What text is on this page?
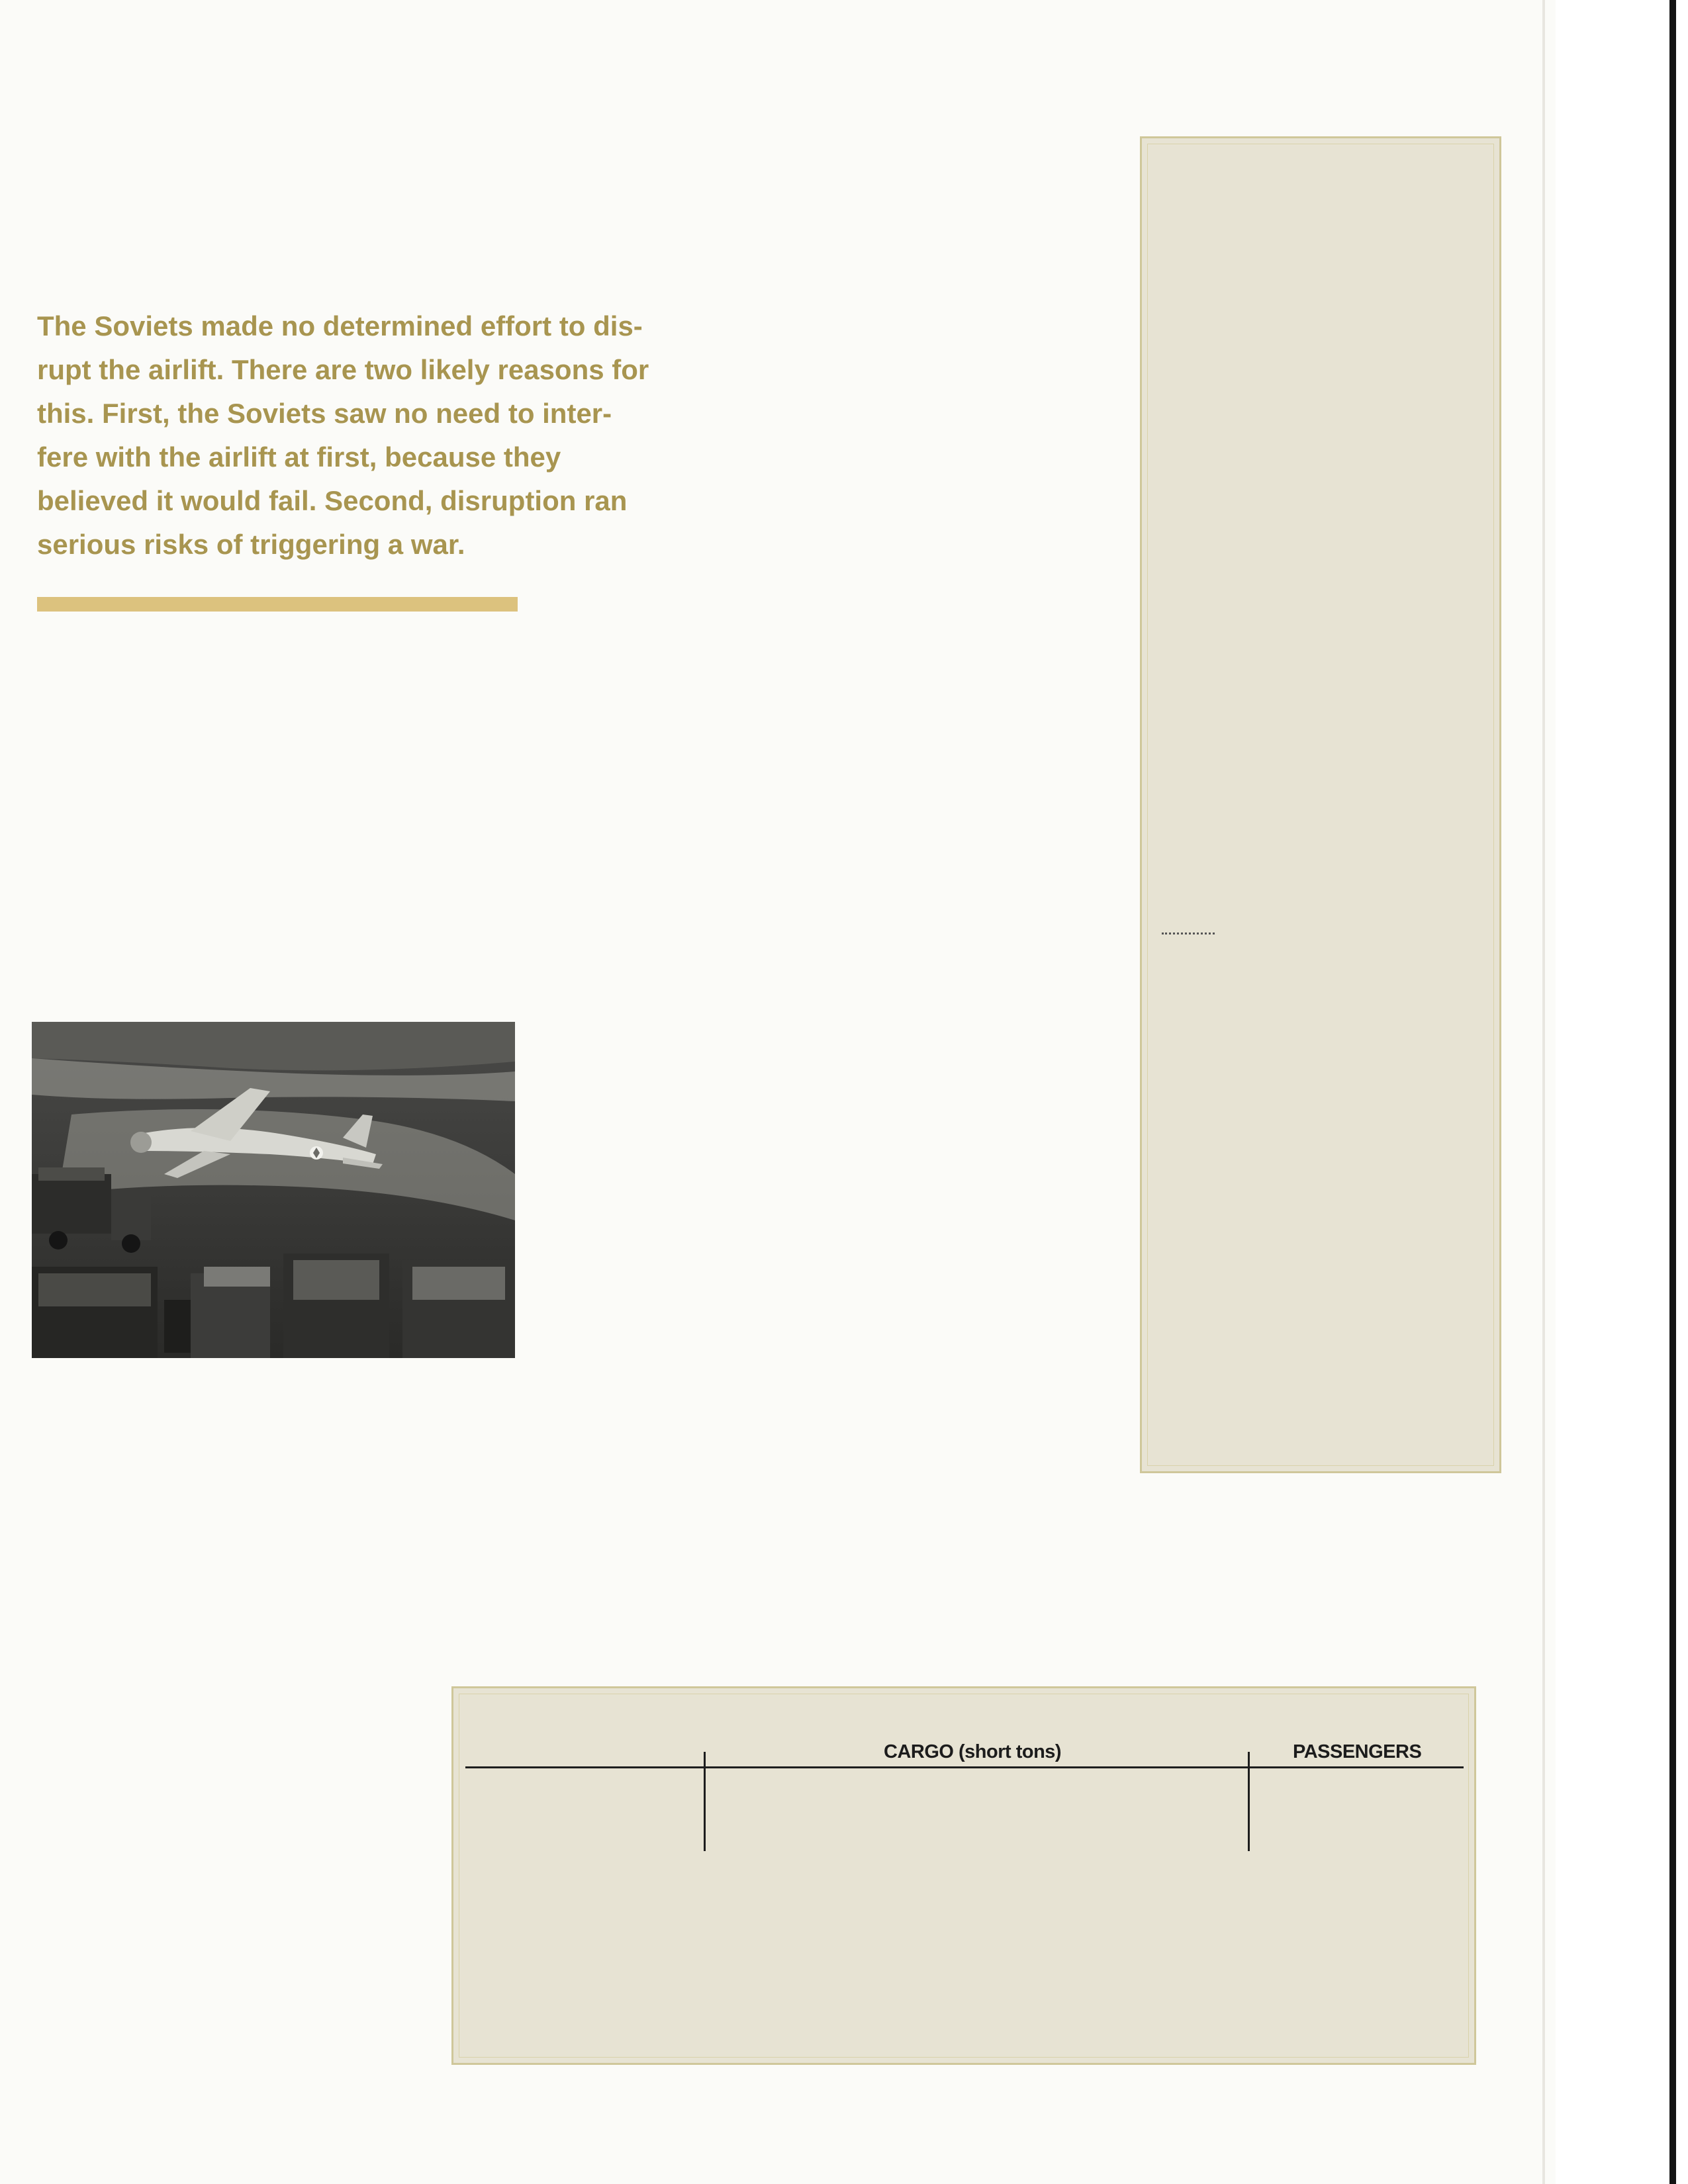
The Soviets made no determined effort to dis-
rupt the airlift. There are two likely reasons for
this. First, the Soviets saw no need to inter-
fere with the airlift at first, because they
believed it would fail. Second, disruption ran
serious risks of triggering a war.

CARGO (short tons)	PASSENGERS
